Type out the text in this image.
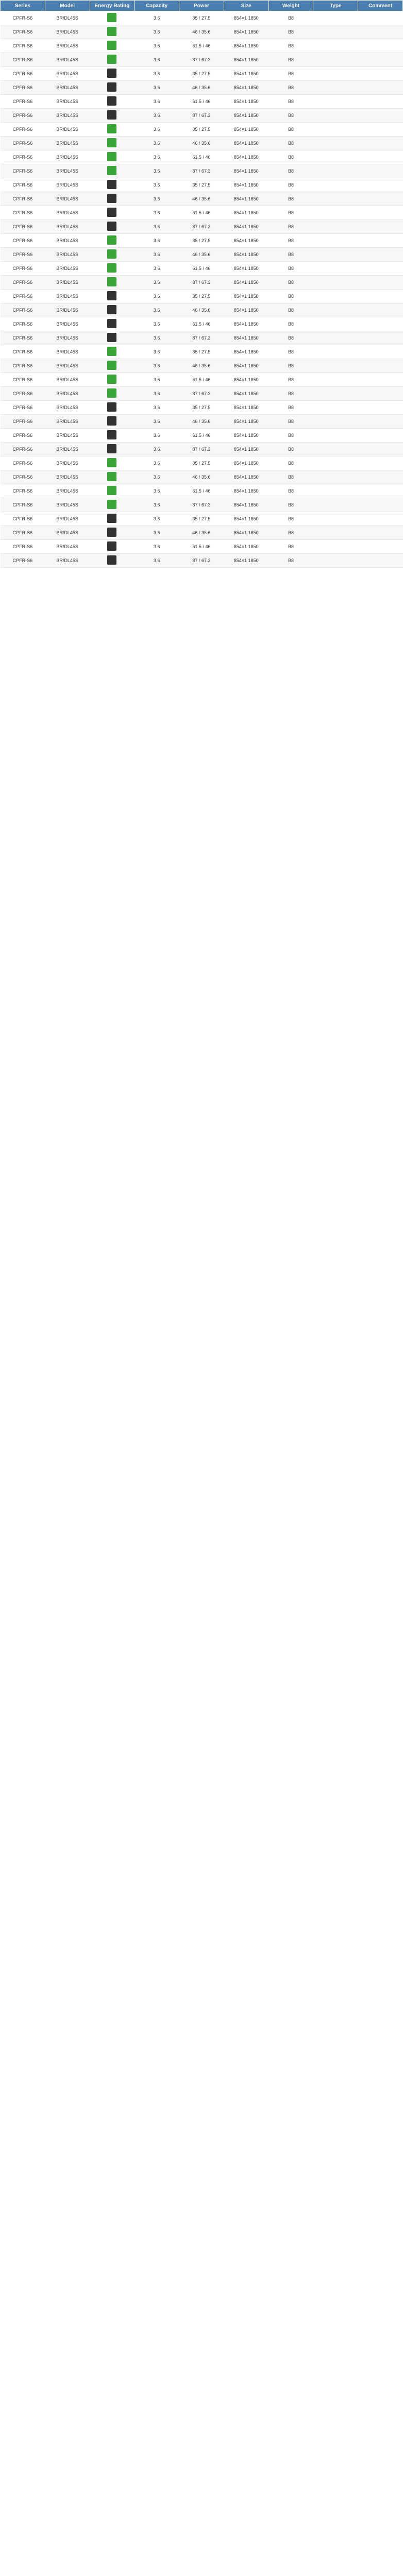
Series	Model	Energy Rating	Capacity	Power	Size	Weight	Type	Comment
CPFR-S6	BR/DL45S		3.6	35 / 27.5	854×1 1850	B8		
CPFR-S6	BR/DL45S		3.6	46 / 35.6	854×1 1850	B8		
CPFR-S6	BR/DL45S		3.6	61.5 / 46	854×1 1850	B8		
CPFR-S6	BR/DL45S		3.6	87 / 67.3	854×1 1850	B8		
CPFR-S6	BR/DL45S		3.6	35 / 27.5	854×1 1850	B8		
CPFR-S6	BR/DL45S		3.6	46 / 35.6	854×1 1850	B8		
CPFR-S6	BR/DL45S		3.6	61.5 / 46	854×1 1850	B8		
CPFR-S6	BR/DL45S		3.6	87 / 67.3	854×1 1850	B8		
CPFR-S6	BR/DL45S		3.6	35 / 27.5	854×1 1850	B8		
CPFR-S6	BR/DL45S		3.6	46 / 35.6	854×1 1850	B8		
CPFR-S6	BR/DL45S		3.6	61.5 / 46	854×1 1850	B8		
CPFR-S6	BR/DL45S		3.6	87 / 67.3	854×1 1850	B8		
CPFR-S6	BR/DL45S		3.6	35 / 27.5	854×1 1850	B8		
CPFR-S6	BR/DL45S		3.6	46 / 35.6	854×1 1850	B8		
CPFR-S6	BR/DL45S		3.6	61.5 / 46	854×1 1850	B8		
CPFR-S6	BR/DL45S		3.6	87 / 67.3	854×1 1850	B8		
CPFR-S6	BR/DL45S		3.6	35 / 27.5	854×1 1850	B8		
CPFR-S6	BR/DL45S		3.6	46 / 35.6	854×1 1850	B8		
CPFR-S6	BR/DL45S		3.6	61.5 / 46	854×1 1850	B8		
CPFR-S6	BR/DL45S		3.6	87 / 67.3	854×1 1850	B8		
CPFR-S6	BR/DL45S		3.6	35 / 27.5	854×1 1850	B8		
CPFR-S6	BR/DL45S		3.6	46 / 35.6	854×1 1850	B8		
CPFR-S6	BR/DL45S		3.6	61.5 / 46	854×1 1850	B8		
CPFR-S6	BR/DL45S		3.6	87 / 67.3	854×1 1850	B8		
CPFR-S6	BR/DL45S		3.6	35 / 27.5	854×1 1850	B8		
CPFR-S6	BR/DL45S		3.6	46 / 35.6	854×1 1850	B8		
CPFR-S6	BR/DL45S		3.6	61.5 / 46	854×1 1850	B8		
CPFR-S6	BR/DL45S		3.6	87 / 67.3	854×1 1850	B8		
CPFR-S6	BR/DL45S		3.6	35 / 27.5	854×1 1850	B8		
CPFR-S6	BR/DL45S		3.6	46 / 35.6	854×1 1850	B8		
CPFR-S6	BR/DL45S		3.6	61.5 / 46	854×1 1850	B8		
CPFR-S6	BR/DL45S		3.6	87 / 67.3	854×1 1850	B8		
CPFR-S6	BR/DL45S		3.6	35 / 27.5	854×1 1850	B8		
CPFR-S6	BR/DL45S		3.6	46 / 35.6	854×1 1850	B8		
CPFR-S6	BR/DL45S		3.6	61.5 / 46	854×1 1850	B8		
CPFR-S6	BR/DL45S		3.6	87 / 67.3	854×1 1850	B8		
CPFR-S6	BR/DL45S		3.6	35 / 27.5	854×1 1850	B8		
CPFR-S6	BR/DL45S		3.6	46 / 35.6	854×1 1850	B8		
CPFR-S6	BR/DL45S		3.6	61.5 / 46	854×1 1850	B8		
CPFR-S6	BR/DL45S		3.6	87 / 67.3	854×1 1850	B8		
